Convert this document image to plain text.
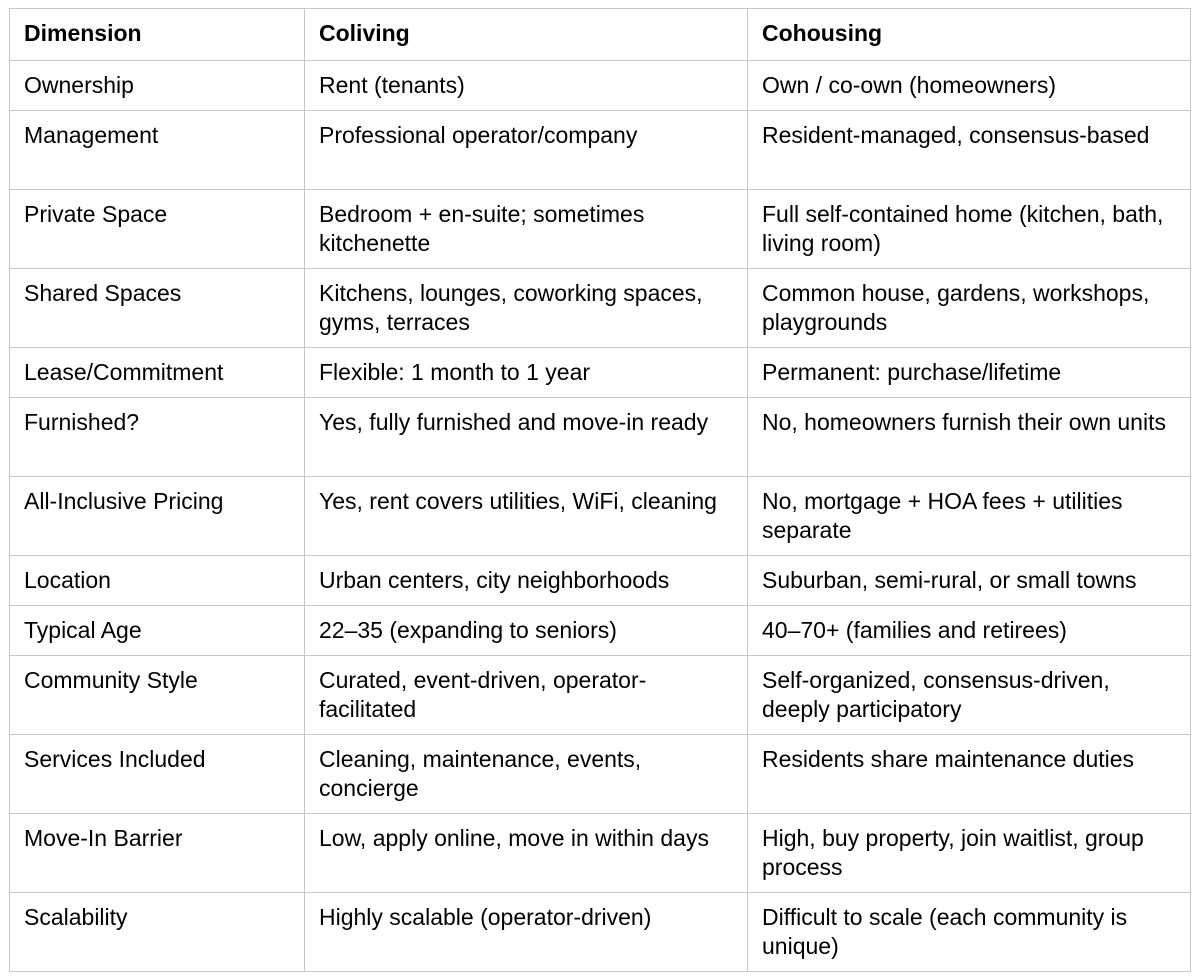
Dimension	Coliving	Cohousing
Ownership	Rent (tenants)	Own / co-own (homeowners)
Management	Professional operator/company	Resident-managed, consensus-based
Private Space	Bedroom + en-suite; sometimes kitchenette	Full self-contained home (kitchen, bath, living room)
Shared Spaces	Kitchens, lounges, coworking spaces, gyms, terraces	Common house, gardens, workshops, playgrounds
Lease/Commitment	Flexible: 1 month to 1 year	Permanent: purchase/lifetime
Furnished?	Yes, fully furnished and move-in ready	No, homeowners furnish their own units
All-Inclusive Pricing	Yes, rent covers utilities, WiFi, cleaning	No, mortgage + HOA fees + utilities separate
Location	Urban centers, city neighborhoods	Suburban, semi-rural, or small towns
Typical Age	22–35 (expanding to seniors)	40–70+ (families and retirees)
Community Style	Curated, event-driven, operator-facilitated	Self-organized, consensus-driven, deeply participatory
Services Included	Cleaning, maintenance, events, concierge	Residents share maintenance duties
Move-In Barrier	Low, apply online, move in within days	High, buy property, join waitlist, group process
Scalability	Highly scalable (operator-driven)	Difficult to scale (each community is unique)
